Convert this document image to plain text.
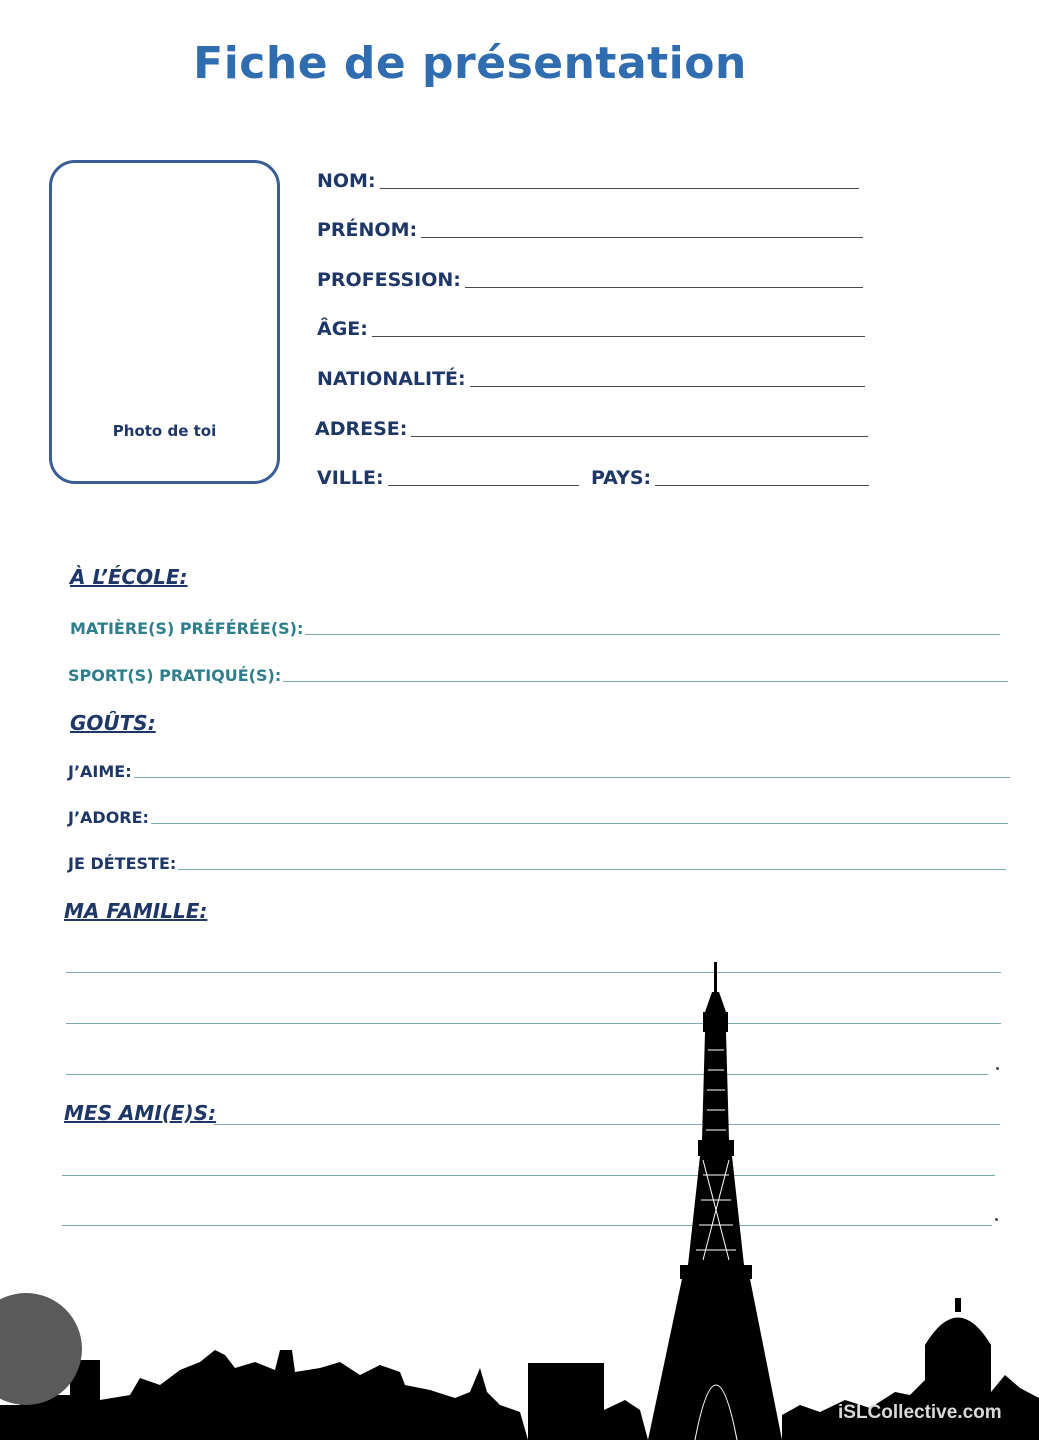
Fiche de présentation
Photo de toi
NOM:
PRÉNOM:
PROFESSION:
ÂGE:
NATIONALITÉ:
ADRESE:
VILLE:	PAYS:
À L’ÉCOLE:
MATIÈRE(S) PRÉFÉRÉE(S):
SPORT(S) PRATIQUÉ(S):
GOÛTS:
J’AIME:
J’ADORE:
JE DÉTESTE:
MA FAMILLE:
MES AMI(E)S:
iSLCollective.com
